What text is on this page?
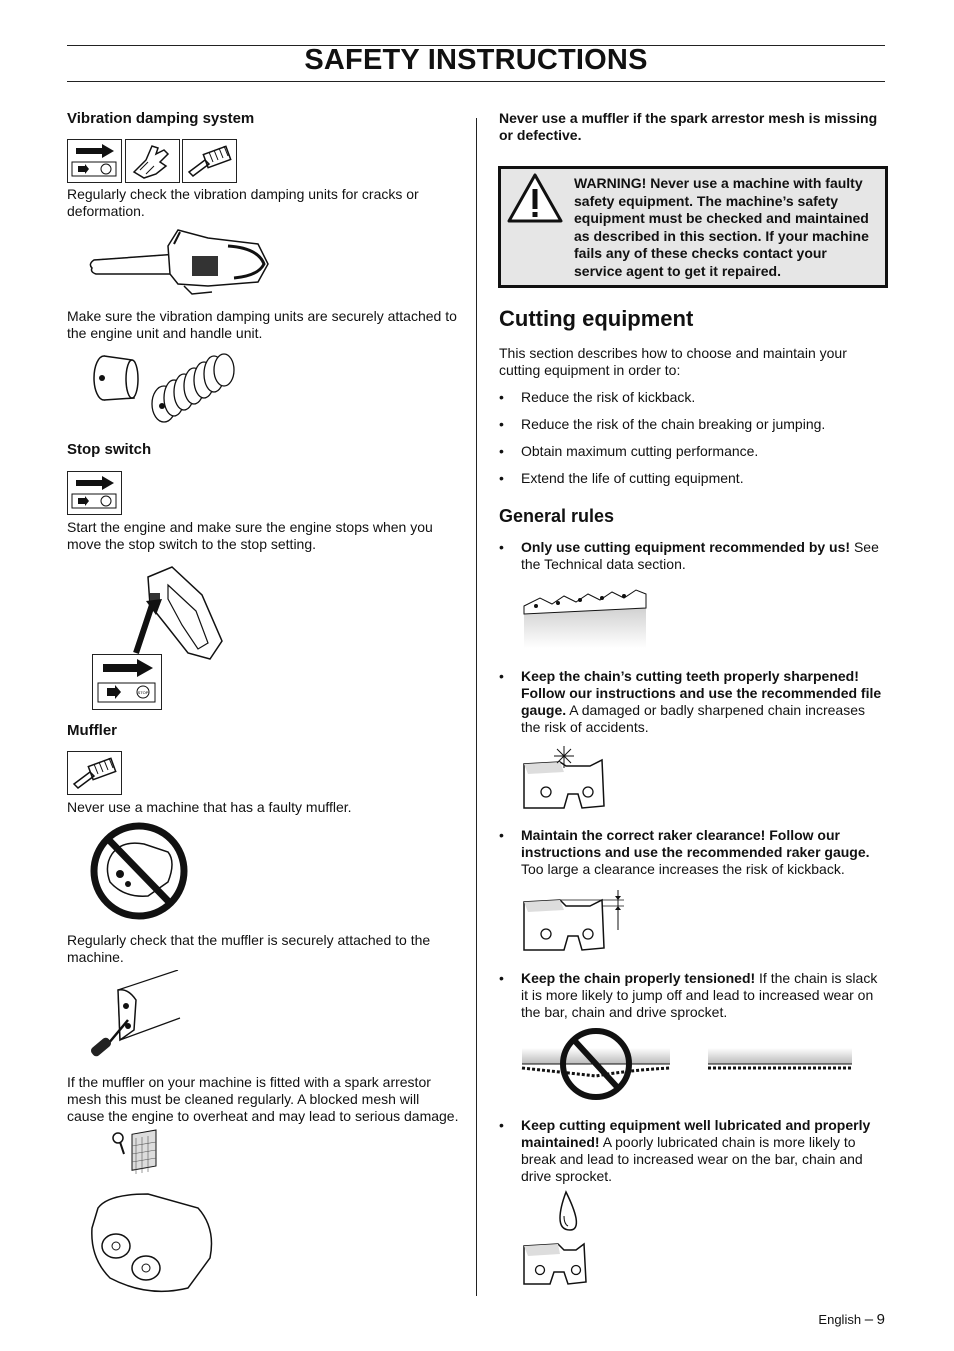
SAFETY INSTRUCTIONS
Vibration damping system
Regularly check the vibration damping units for cracks or deformation.
Make sure the vibration damping units are securely attached to the engine unit and handle unit.
Stop switch
Start the engine and make sure the engine stops when you move the stop switch to the stop setting.
STOP
Muffler
Never use a machine that has a faulty muffler.
Regularly check that the muffler is securely attached to the machine.
If the muffler on your machine is fitted with a spark arrestor mesh this must be cleaned regularly. A blocked mesh will cause the engine to overheat and may lead to serious damage.
Never use a muffler if the spark arrestor mesh is missing or defective.
WARNING! Never use a machine with faulty safety equipment. The machine’s safety equipment must be checked and maintained as described in this section. If your machine fails any of these checks contact your service agent to get it repaired.
Cutting equipment
This section describes how to choose and maintain your cutting equipment in order to:
• Reduce the risk of kickback.
• Reduce the risk of the chain breaking or jumping.
• Obtain maximum cutting performance.
• Extend the life of cutting equipment.
General rules
• Only use cutting equipment recommended by us! See the Technical data section.
• Keep the chain’s cutting teeth properly sharpened! Follow our instructions and use the recommended file gauge. A damaged or badly sharpened chain increases the risk of accidents.
• Maintain the correct raker clearance! Follow our instructions and use the recommended raker gauge. Too large a clearance increases the risk of kickback.
• Keep the chain properly tensioned! If the chain is slack it is more likely to jump off and lead to increased wear on the bar, chain and drive sprocket.
• Keep cutting equipment well lubricated and properly maintained! A poorly lubricated chain is more likely to break and lead to increased wear on the bar, chain and drive sprocket.
English – 9
